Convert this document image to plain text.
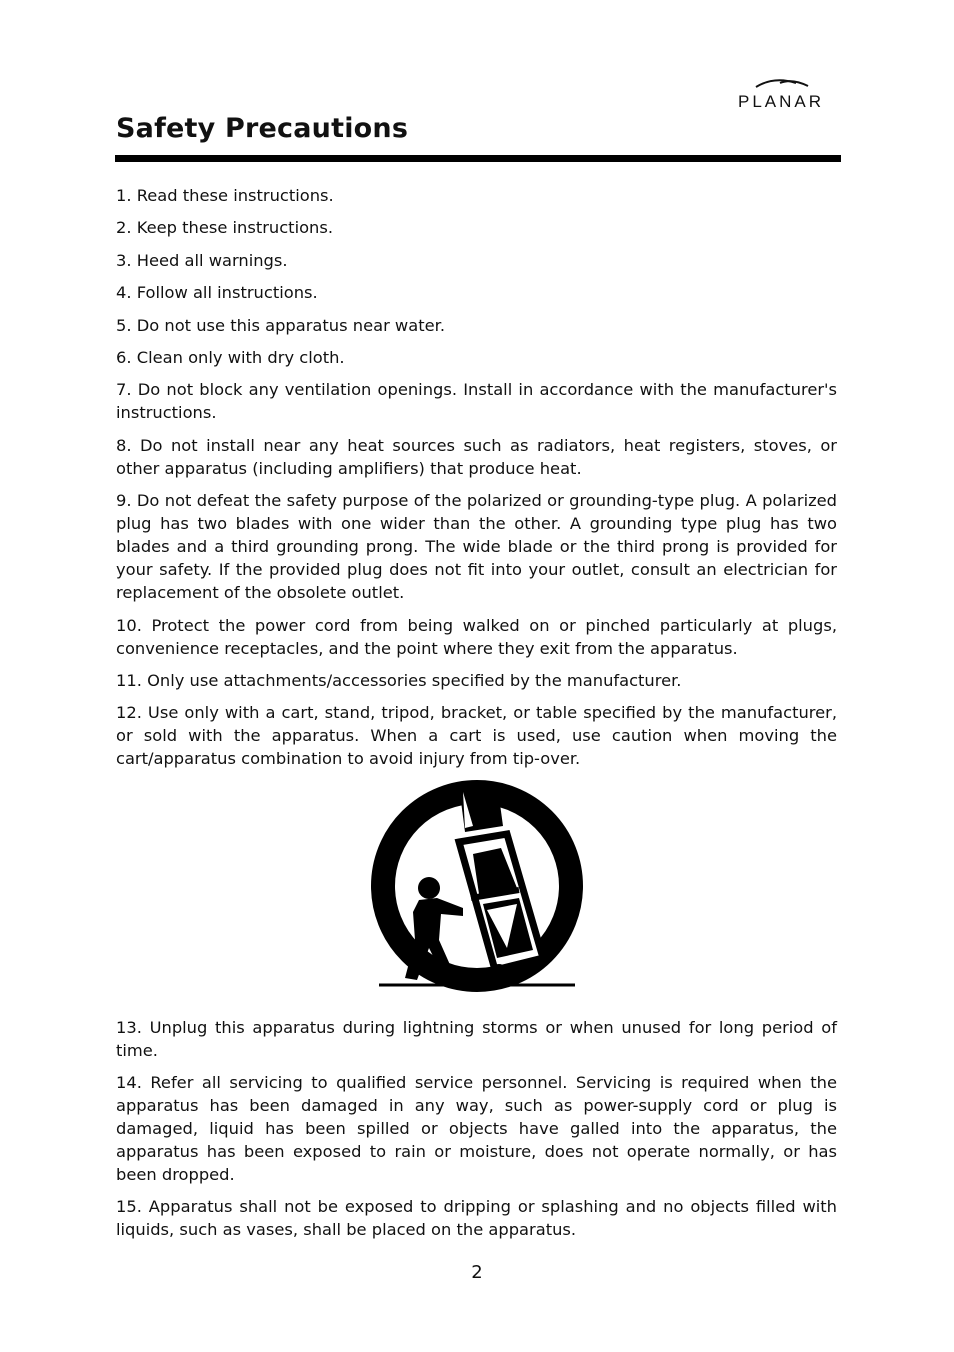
PLANAR
Safety Precautions

1. Read these instructions.

2. Keep these instructions.

3. Heed all warnings.

4. Follow all instructions.

5. Do not use this apparatus near water.

6. Clean only with dry cloth.

7. Do not block any ventilation openings. Install in accordance with the manufacturer's instructions.

8. Do not install near any heat sources such as radiators, heat registers, stoves, or other apparatus (including amplifiers) that produce heat.

9. Do not defeat the safety purpose of the polarized or grounding-type plug. A polarized plug has two blades with one wider than the other. A grounding type plug has two blades and a third grounding prong. The wide blade or the third prong is provided for your safety. If the provided plug does not fit into your outlet, consult an electrician for replacement of the obsolete outlet.

10. Protect the power cord from being walked on or pinched particularly at plugs, convenience receptacles, and the point where they exit from the apparatus.

11. Only use attachments/accessories specified by the manufacturer.

12. Use only with a cart, stand, tripod, bracket, or table specified by the manufacturer, or sold with the apparatus. When a cart is used, use caution when moving the cart/apparatus combination to avoid injury from tip-over.

13. Unplug this apparatus during lightning storms or when unused for long period of time.

14. Refer all servicing to qualified service personnel. Servicing is required when the apparatus has been damaged in any way, such as power-supply cord or plug is damaged, liquid has been spilled or objects have galled into the apparatus, the apparatus has been exposed to rain or moisture, does not operate normally, or has been dropped.

15. Apparatus shall not be exposed to dripping or splashing and no objects filled with liquids, such as vases, shall be placed on the apparatus.

2
